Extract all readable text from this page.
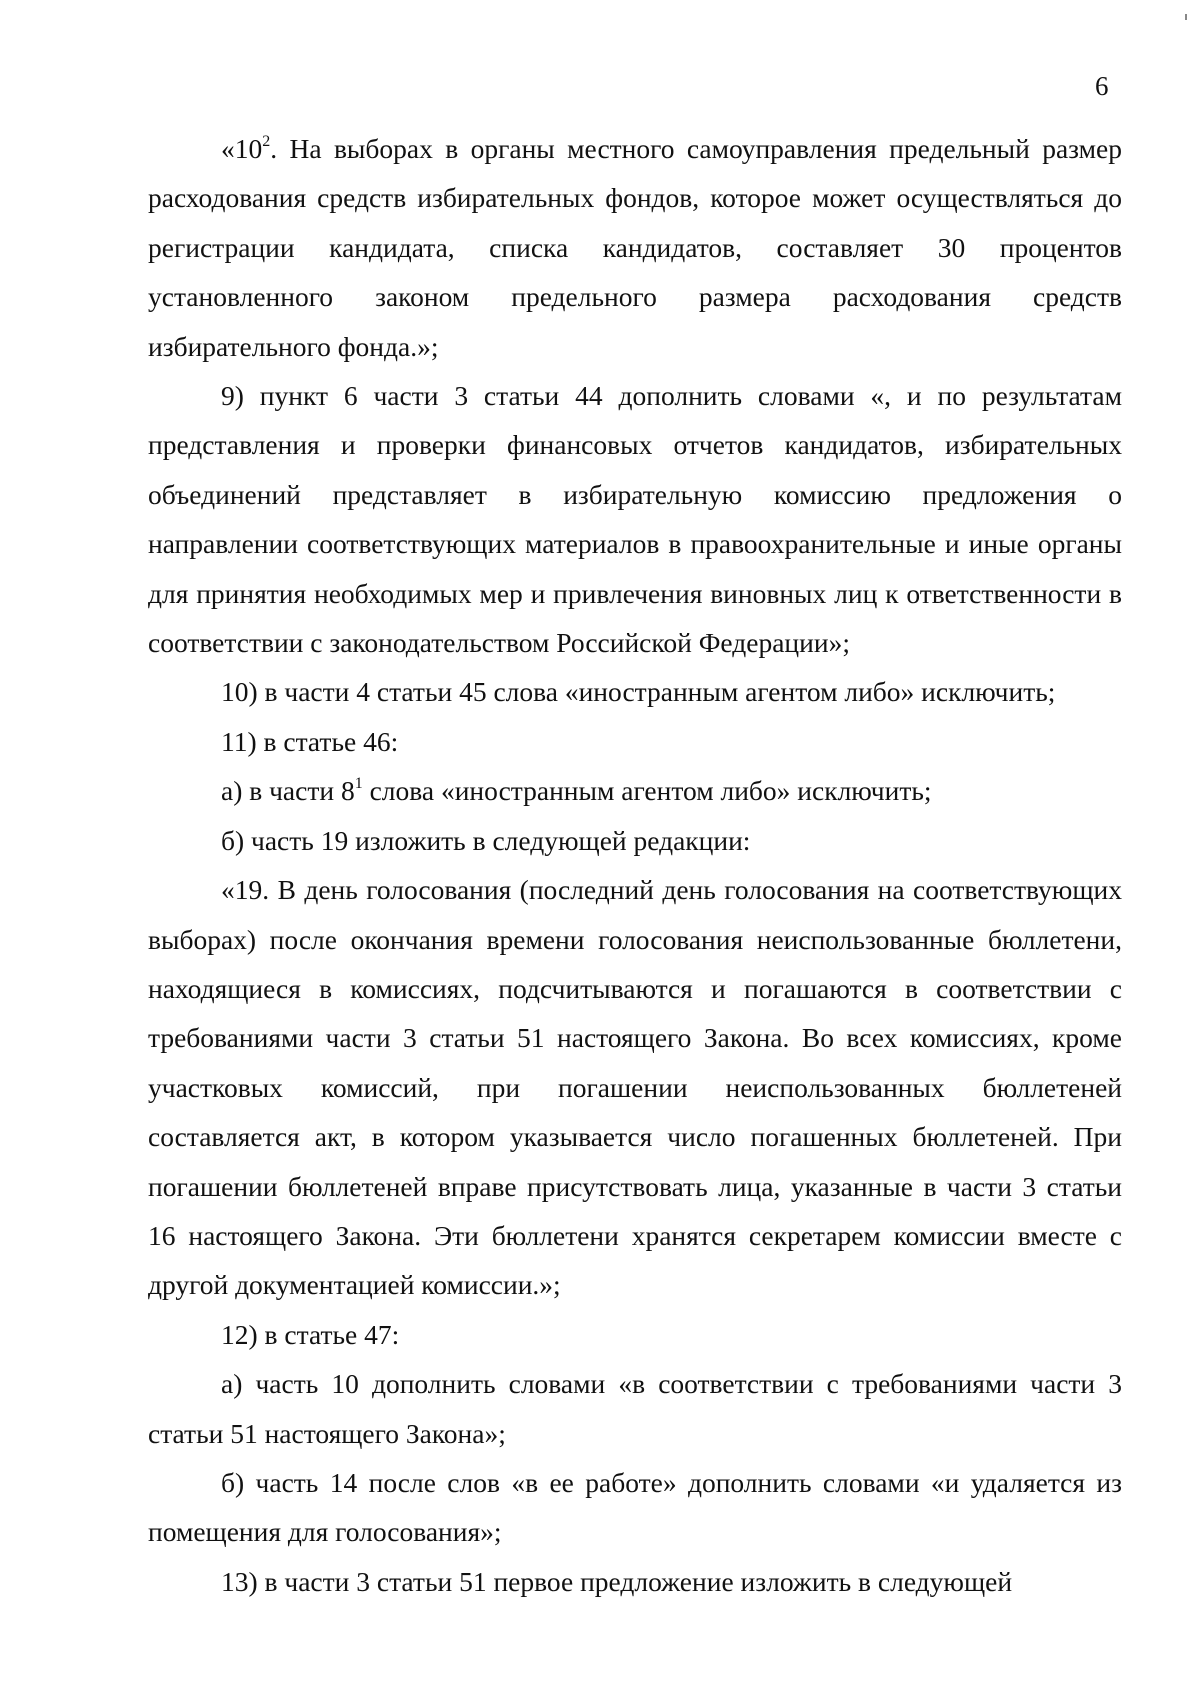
6

«$10^2$. На выборах в органы местного самоуправления предельный размер расходования средств избирательных фондов, которое может осуществляться до регистрации кандидата, списка кандидатов, составляет 30 процентов установленного законом предельного размера расходования средств избирательного фонда.»;

9) пункт 6 части 3 статьи 44 дополнить словами «, и по результатам представления и проверки финансовых отчетов кандидатов, избирательных объединений представляет в избирательную комиссию предложения о направлении соответствующих материалов в правоохранительные и иные органы для принятия необходимых мер и привлечения виновных лиц к ответственности в соответствии с законодательством Российской Федерации»;

10) в части 4 статьи 45 слова «иностранным агентом либо» исключить;

11) в статье 46:

а) в части $8^1$ слова «иностранным агентом либо» исключить;

б) часть 19 изложить в следующей редакции:

«19. В день голосования (последний день голосования на соответствующих выборах) после окончания времени голосования неиспользованные бюллетени, находящиеся в комиссиях, подсчитываются и погашаются в соответствии с требованиями части 3 статьи 51 настоящего Закона. Во всех комиссиях, кроме участковых комиссий, при погашении неиспользованных бюллетеней составляется акт, в котором указывается число погашенных бюллетеней. При погашении бюллетеней вправе присутствовать лица, указанные в части 3 статьи 16 настоящего Закона. Эти бюллетени хранятся секретарем комиссии вместе с другой документацией комиссии.»;

12) в статье 47:

а) часть 10 дополнить словами «в соответствии с требованиями части 3 статьи 51 настоящего Закона»;

б) часть 14 после слов «в ее работе» дополнить словами «и удаляется из помещения для голосования»;

13) в части 3 статьи 51 первое предложение изложить в следующей
